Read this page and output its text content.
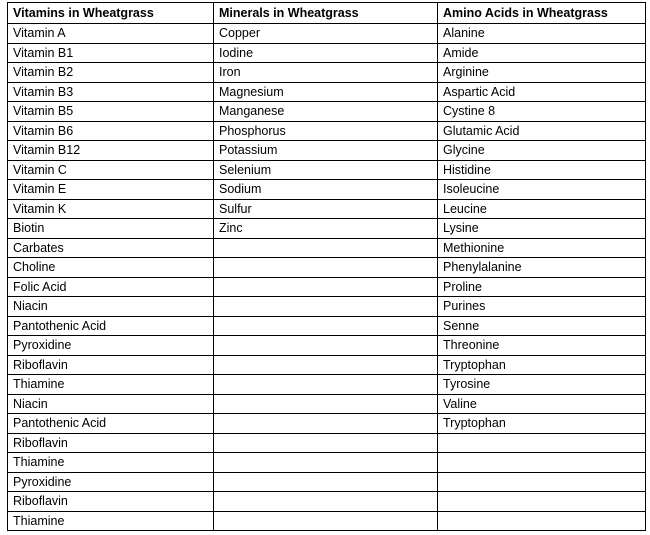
Vitamins in Wheatgrass	Minerals in Wheatgrass	Amino Acids in Wheatgrass
Vitamin A	Copper	Alanine
Vitamin B1	Iodine	Amide
Vitamin B2	Iron	Arginine
Vitamin B3	Magnesium	Aspartic Acid
Vitamin B5	Manganese	Cystine 8
Vitamin B6	Phosphorus	Glutamic Acid
Vitamin B12	Potassium	Glycine
Vitamin C	Selenium	Histidine
Vitamin E	Sodium	Isoleucine
Vitamin K	Sulfur	Leucine
Biotin	Zinc	Lysine
Carbates		Methionine
Choline		Phenylalanine
Folic Acid		Proline
Niacin		Purines
Pantothenic Acid		Senne
Pyroxidine		Threonine
Riboflavin		Tryptophan
Thiamine		Tyrosine
Niacin		Valine
Pantothenic Acid		Tryptophan
Riboflavin		
Thiamine		
Pyroxidine		
Riboflavin		
Thiamine		
